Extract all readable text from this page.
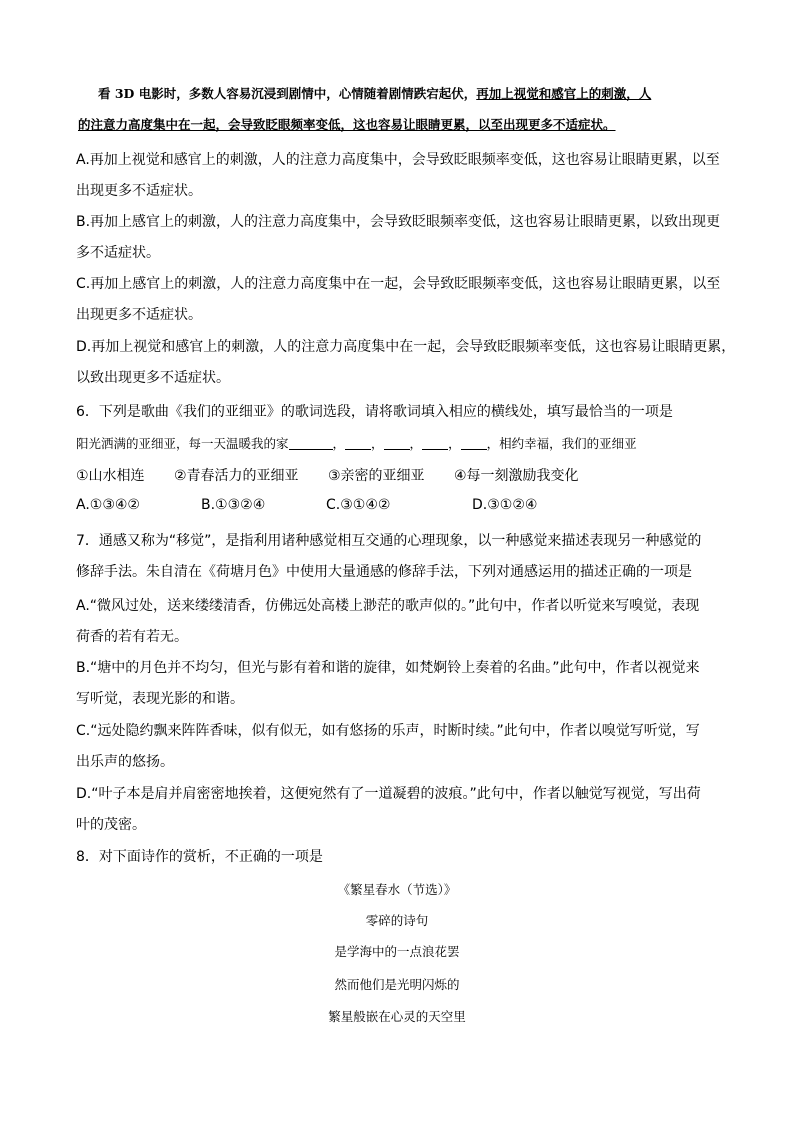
看 3D 电影时，多数人容易沉浸到剧情中，心情随着剧情跌宕起伏，再加上视觉和感官上的刺激，人
的注意力高度集中在一起，会导致眨眼频率变低，这也容易让眼睛更累，以至出现更多不适症状。
A.再加上视觉和感官上的刺激，人的注意力高度集中，会导致眨眼频率变低，这也容易让眼睛更累，以至
出现更多不适症状。
B.再加上感官上的刺激，人的注意力高度集中，会导致眨眼频率变低，这也容易让眼睛更累，以致出现更
多不适症状。
C.再加上感官上的刺激，人的注意力高度集中在一起，会导致眨眼频率变低，这也容易让眼睛更累，以至
出现更多不适症状。
D.再加上视觉和感官上的刺激，人的注意力高度集中在一起，会导致眨眼频率变低，这也容易让眼睛更累，
以致出现更多不适症状。
6．下列是歌曲《我们的亚细亚》的歌词选段，请将歌词填入相应的横线处，填写最恰当的一项是
阳光洒满的亚细亚，每一天温暖我的家	， ， ， ， ，相约幸福，我们的亚细亚
①山水相连 ②青春活力的亚细亚 ③亲密的亚细亚 ④每一刻激励我变化
A.①③④②	B.①③②④	C.③①④②	D.③①②④
7．通感又称为“移觉”，是指利用诸种感觉相互交通的心理现象，以一种感觉来描述表现另一种感觉的
修辞手法。朱自清在《荷塘月色》中使用大量通感的修辞手法，下列对通感运用的描述正确的一项是
A.“微风过处，送来缕缕清香，仿佛远处高楼上渺茫的歌声似的。”此句中，作者以听觉来写嗅觉，表现
荷香的若有若无。
B.“塘中的月色并不均匀，但光与影有着和谐的旋律，如梵婀铃上奏着的名曲。”此句中，作者以视觉来
写听觉，表现光影的和谐。
C.“远处隐约飘来阵阵香味，似有似无，如有悠扬的乐声，时断时续。”此句中，作者以嗅觉写听觉，写
出乐声的悠扬。
D.“叶子本是肩并肩密密地挨着，这便宛然有了一道凝碧的波痕。”此句中，作者以触觉写视觉，写出荷
叶的茂密。
8．对下面诗作的赏析，不正确的一项是
《繁星春水（节选）》
零碎的诗句
是学海中的一点浪花罢
然而他们是光明闪烁的
繁星般嵌在心灵的天空里
